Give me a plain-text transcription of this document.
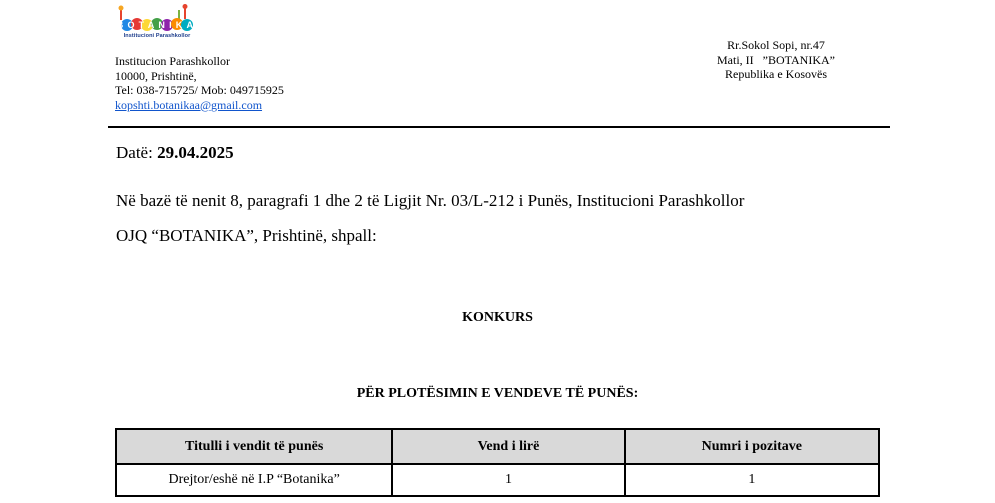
BOTANIKA
Institucioni Parashkollor
Institucion Parashkollor
10000, Prishtinë,
Tel: 038-715725/ Mob: 049715925
kopshti.botanikaa@gmail.com
Rr.Sokol Sopi, nr.47
Mati, II   ”BOTANIKA”
Republika e Kosovës
Datë: 29.04.2025
Në bazë të nenit 8, paragrafi 1 dhe 2 të Ligjit Nr. 03/L-212 i Punës, Institucioni Parashkollor
OJQ “BOTANIKA”, Prishtinë, shpall:
KONKURS
PËR PLOTËSIMIN E VENDEVE TË PUNËS:
Titulli i vendit të punës	Vend i lirë	Numri i pozitave
Drejtor/eshë në I.P “Botanika”	1	1
